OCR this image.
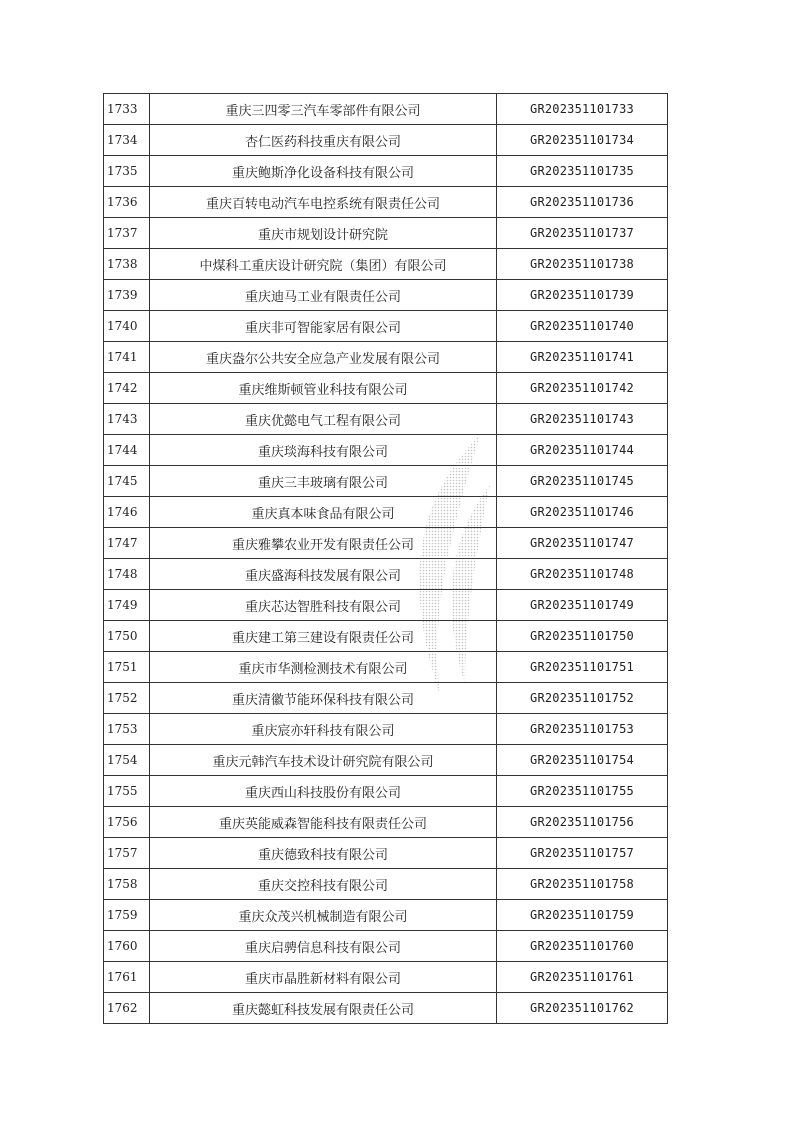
1733	重庆三四零三汽车零部件有限公司	GR202351101733
1734	杏仁医药科技重庆有限公司	GR202351101734
1735	重庆鲍斯净化设备科技有限公司	GR202351101735
1736	重庆百转电动汽车电控系统有限责任公司	GR202351101736
1737	重庆市规划设计研究院	GR202351101737
1738	中煤科工重庆设计研究院（集团）有限公司	GR202351101738
1739	重庆迪马工业有限责任公司	GR202351101739
1740	重庆非可智能家居有限公司	GR202351101740
1741	重庆盎尔公共安全应急产业发展有限公司	GR202351101741
1742	重庆维斯顿管业科技有限公司	GR202351101742
1743	重庆优懿电气工程有限公司	GR202351101743
1744	重庆琰海科技有限公司	GR202351101744
1745	重庆三丰玻璃有限公司	GR202351101745
1746	重庆真本味食品有限公司	GR202351101746
1747	重庆雅攀农业开发有限责任公司	GR202351101747
1748	重庆盛海科技发展有限公司	GR202351101748
1749	重庆芯达智胜科技有限公司	GR202351101749
1750	重庆建工第三建设有限责任公司	GR202351101750
1751	重庆市华测检测技术有限公司	GR202351101751
1752	重庆清徽节能环保科技有限公司	GR202351101752
1753	重庆宸亦轩科技有限公司	GR202351101753
1754	重庆元韩汽车技术设计研究院有限公司	GR202351101754
1755	重庆西山科技股份有限公司	GR202351101755
1756	重庆英能威森智能科技有限责任公司	GR202351101756
1757	重庆德致科技有限公司	GR202351101757
1758	重庆交控科技有限公司	GR202351101758
1759	重庆众茂兴机械制造有限公司	GR202351101759
1760	重庆启骋信息科技有限公司	GR202351101760
1761	重庆市晶胜新材料有限公司	GR202351101761
1762	重庆懿虹科技发展有限责任公司	GR202351101762
